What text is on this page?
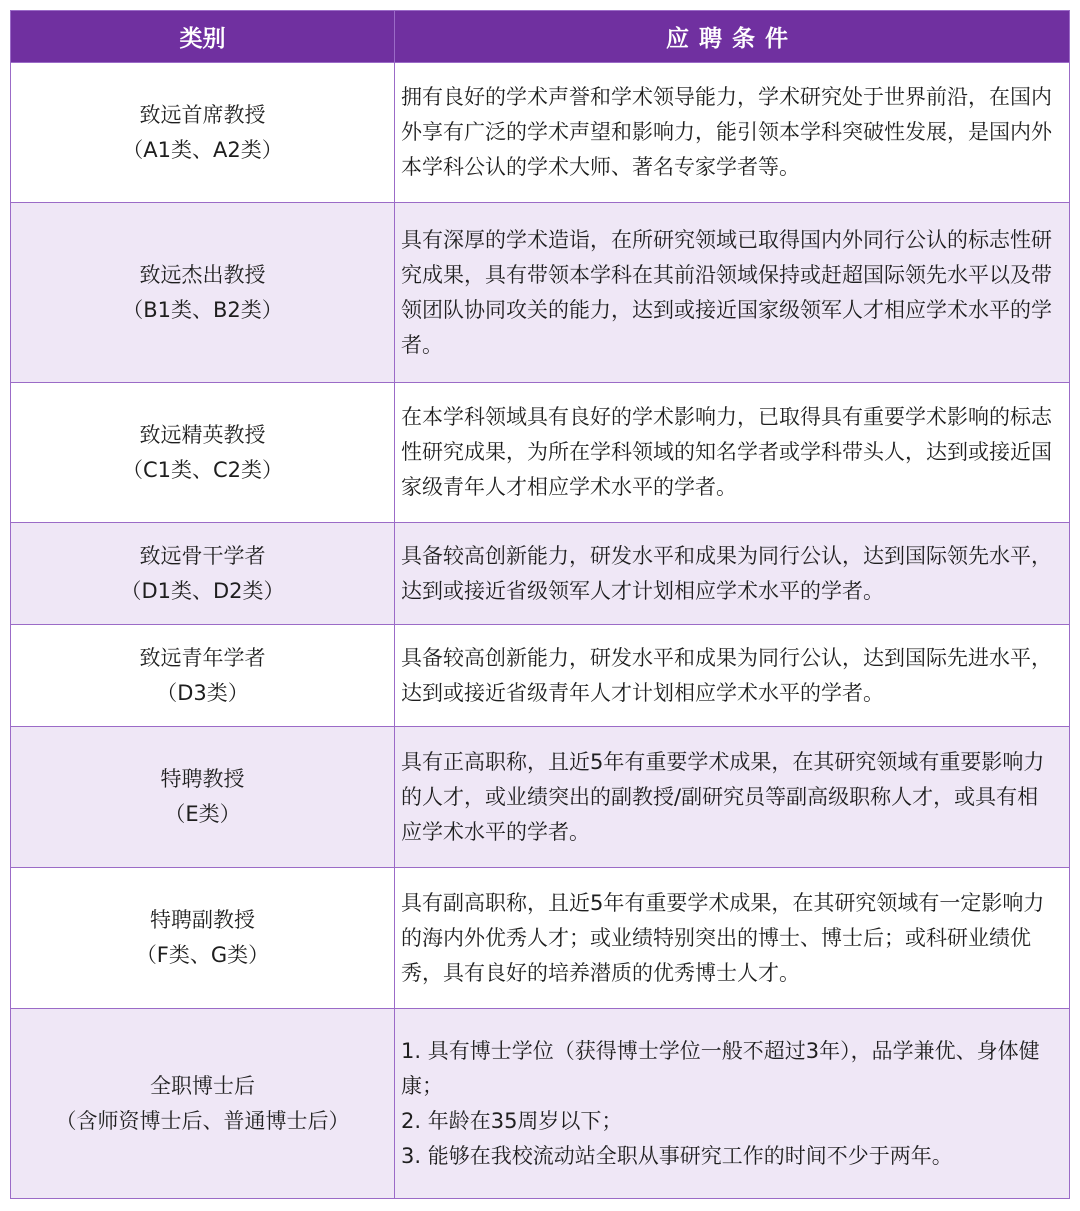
类别	应聘条件

致远首席教授
（A1类、A2类）	拥有良好的学术声誉和学术领导能力，学术研究处于世界前沿，在国内外享有广泛的学术声望和影响力，能引领本学科突破性发展，是国内外本学科公认的学术大师、著名专家学者等。

致远杰出教授
（B1类、B2类）	具有深厚的学术造诣，在所研究领域已取得国内外同行公认的标志性研究成果，具有带领本学科在其前沿领域保持或赶超国际领先水平以及带领团队协同攻关的能力，达到或接近国家级领军人才相应学术水平的学者。

致远精英教授
（C1类、C2类）	在本学科领域具有良好的学术影响力，已取得具有重要学术影响的标志性研究成果，为所在学科领域的知名学者或学科带头人，达到或接近国家级青年人才相应学术水平的学者。

致远骨干学者
（D1类、D2类）	具备较高创新能力，研发水平和成果为同行公认，达到国际领先水平，达到或接近省级领军人才计划相应学术水平的学者。

致远青年学者
（D3类）	具备较高创新能力，研发水平和成果为同行公认，达到国际先进水平，达到或接近省级青年人才计划相应学术水平的学者。

特聘教授
（E类）	具有正高职称，且近5年有重要学术成果，在其研究领域有重要影响力的人才，或业绩突出的副教授/副研究员等副高级职称人才，或具有相应学术水平的学者。

特聘副教授
（F类、G类）	具有副高职称，且近5年有重要学术成果，在其研究领域有一定影响力的海内外优秀人才；或业绩特别突出的博士、博士后；或科研业绩优秀，具有良好的培养潜质的优秀博士人才。

全职博士后
（含师资博士后、普通博士后）	1. 具有博士学位（获得博士学位一般不超过3年），品学兼优、身体健康；
2. 年龄在35周岁以下；
3. 能够在我校流动站全职从事研究工作的时间不少于两年。
